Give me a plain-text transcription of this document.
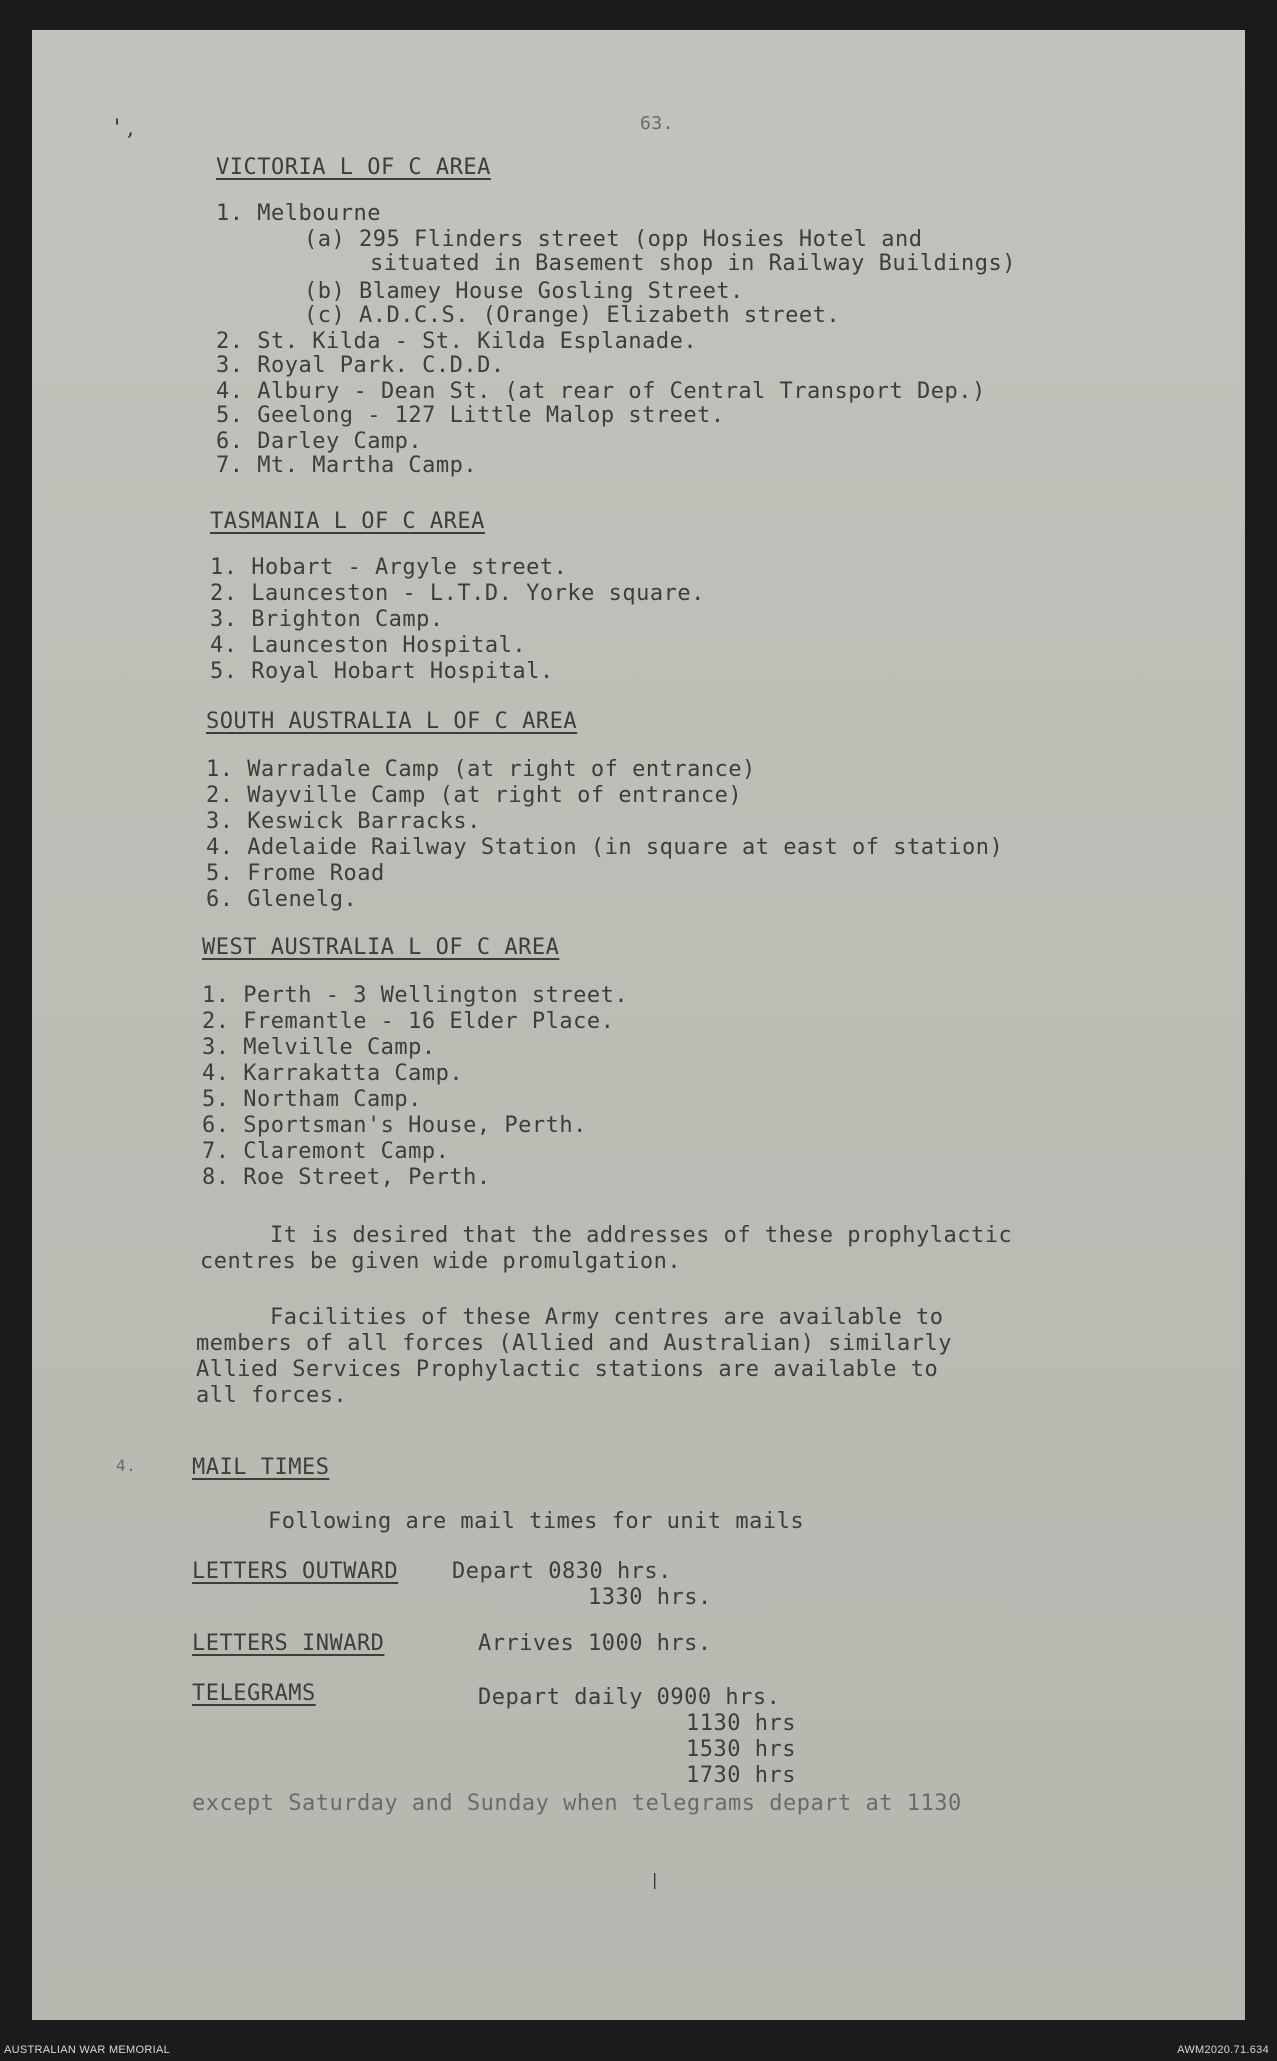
' ,	63.
VICTORIA L OF C AREA
1. Melbourne
(a) 295 Flinders street (opp Hosies Hotel and
situated in Basement shop in Railway Buildings)
(b) Blamey House Gosling Street.
(c) A.D.C.S. (Orange) Elizabeth street.
2. St. Kilda - St. Kilda Esplanade.
3. Royal Park. C.D.D.
4. Albury - Dean St. (at rear of Central Transport Dep.)
5. Geelong - 127 Little Malop street.
6. Darley Camp.
7. Mt. Martha Camp.
TASMANIA L OF C AREA
1. Hobart - Argyle street.
2. Launceston - L.T.D. Yorke square.
3. Brighton Camp.
4. Launceston Hospital.
5. Royal Hobart Hospital.
SOUTH AUSTRALIA L OF C AREA
1. Warradale Camp (at right of entrance)
2. Wayville Camp (at right of entrance)
3. Keswick Barracks.
4. Adelaide Railway Station (in square at east of station)
5. Frome Road
6. Glenelg.
WEST AUSTRALIA L OF C AREA
1. Perth - 3 Wellington street.
2. Fremantle - 16 Elder Place.
3. Melville Camp.
4. Karrakatta Camp.
5. Northam Camp.
6. Sportsman's House, Perth.
7. Claremont Camp.
8. Roe Street, Perth.
It is desired that the addresses of these prophylactic
centres be given wide promulgation.
Facilities of these Army centres are available to
members of all forces (Allied and Australian) similarly
Allied Services Prophylactic stations are available to
all forces.
4.	MAIL TIMES
Following are mail times for unit mails
LETTERS OUTWARD Depart 0830 hrs.
1330 hrs.
LETTERS INWARD	Arrives 1000 hrs.
TELEGRAMS	Depart daily 0900 hrs.
1130 hrs
1530 hrs
1730 hrs
except Saturday and Sunday when telegrams depart at 1130
|
AUSTRALIAN WAR MEMORIAL	AWM2020.71.634
